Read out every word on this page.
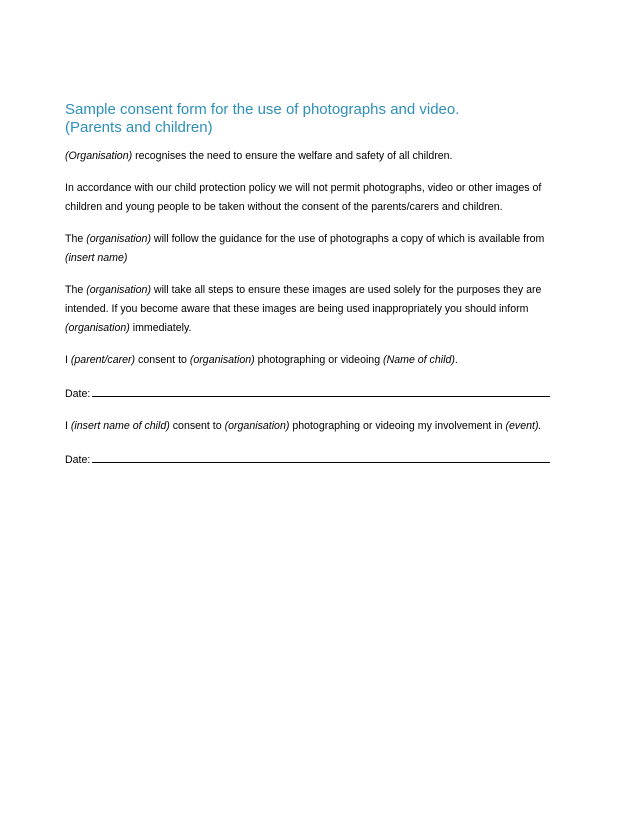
Sample consent form for the use of photographs and video.
(Parents and children)
(Organisation) recognises the need to ensure the welfare and safety of all children.
In accordance with our child protection policy we will not permit photographs, video or other images of
children and young people to be taken without the consent of the parents/carers and children.
The (organisation) will follow the guidance for the use of photographs a copy of which is available from
(insert name)
The (organisation) will take all steps to ensure these images are used solely for the purposes they are
intended. If you become aware that these images are being used inappropriately you should inform
(organisation) immediately.
I (parent/carer) consent to (organisation) photographing or videoing (Name of child).
Date:
I (insert name of child) consent to (organisation) photographing or videoing my involvement in (event).
Date:
